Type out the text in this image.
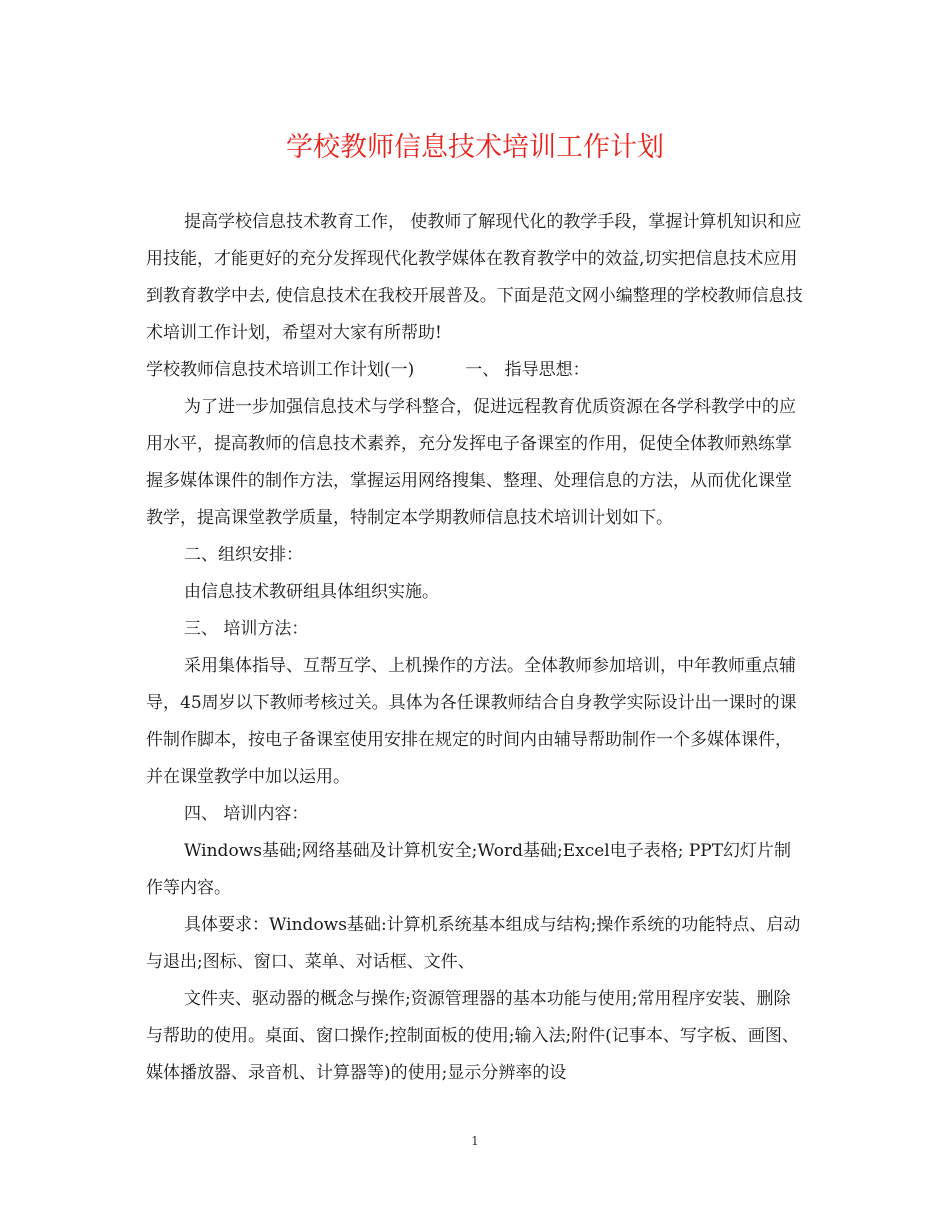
学校教师信息技术培训工作计划

提高学校信息技术教育工作， 使教师了解现代化的教学手段，掌握计算机知识和应用技能，才能更好的充分发挥现代化教学媒体在教育教学中的效益,切实把信息技术应用到教育教学中去, 使信息技术在我校开展普及。下面是范文网小编整理的学校教师信息技术培训工作计划，希望对大家有所帮助!

学校教师信息技术培训工作计划(一)　　　一、 指导思想：

为了进一步加强信息技术与学科整合，促进远程教育优质资源在各学科教学中的应用水平，提高教师的信息技术素养，充分发挥电子备课室的作用，促使全体教师熟练掌握多媒体课件的制作方法，掌握运用网络搜集、整理、处理信息的方法，从而优化课堂教学，提高课堂教学质量，特制定本学期教师信息技术培训计划如下。

二、组织安排：

由信息技术教研组具体组织实施。

三、 培训方法：

采用集体指导、互帮互学、上机操作的方法。全体教师参加培训，中年教师重点辅导，45周岁以下教师考核过关。具体为各任课教师结合自身教学实际设计出一课时的课件制作脚本，按电子备课室使用安排在规定的时间内由辅导帮助制作一个多媒体课件，并在课堂教学中加以运用。

四、 培训内容：

Windows基础;网络基础及计算机安全;Word基础;Excel电子表格; PPT幻灯片制作等内容。

具体要求：Windows基础:计算机系统基本组成与结构;操作系统的功能特点、启动与退出;图标、窗口、菜单、对话框、文件、

文件夹、驱动器的概念与操作;资源管理器的基本功能与使用;常用程序安装、删除与帮助的使用。桌面、窗口操作;控制面板的使用;输入法;附件(记事本、写字板、画图、媒体播放器、录音机、计算器等)的使用;显示分辨率的设

1
